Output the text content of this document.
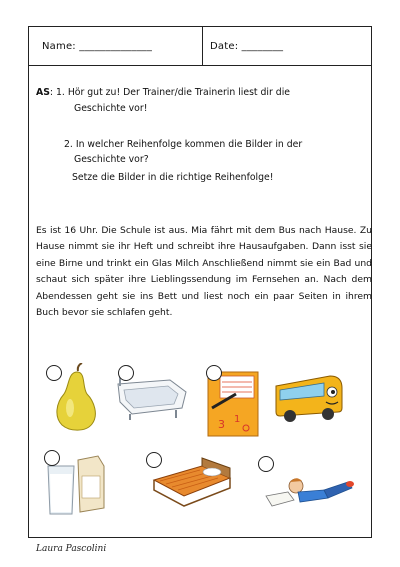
Name: ______________	Date: ________
AS: 1. Hör gut zu! Der Trainer/die Trainerin liest dir die
Geschichte vor!
2. In welcher Reihenfolge kommen die Bilder in der
Geschichte vor?
Setze die Bilder in die richtige Reihenfolge!
Es ist 16 Uhr. Die Schule ist aus. Mia fährt mit dem Bus nach Hause. Zu Hause nimmt sie ihr Heft und schreibt ihre Hausaufgaben. Dann isst sie eine Birne und trinkt ein Glas Milch Anschließend nimmt sie ein Bad und schaut sich später ihre Lieblingssendung im Fernsehen an. Nach dem Abendessen geht sie ins Bett und liest noch ein paar Seiten in ihrem Buch bevor sie schlafen geht.
3 1
Laura Pascolini
